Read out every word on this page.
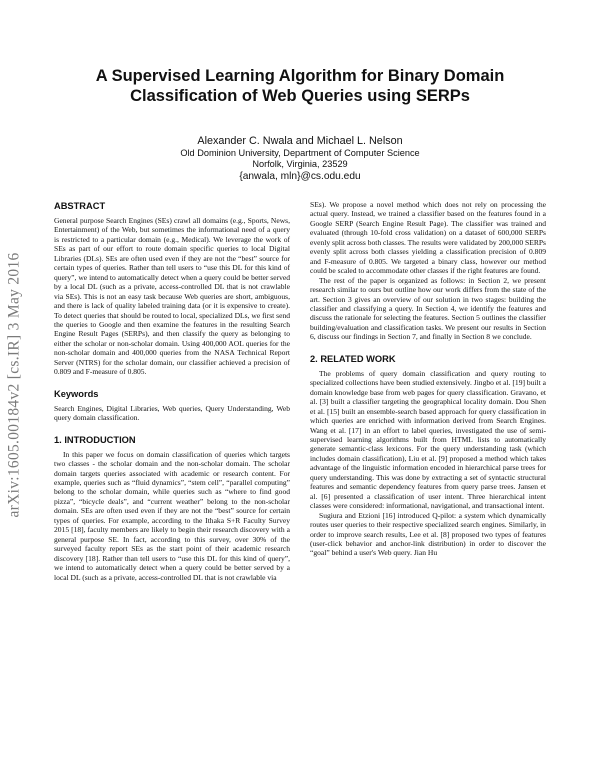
A Supervised Learning Algorithm for Binary Domain
Classification of Web Queries using SERPs
Alexander C. Nwala and Michael L. Nelson
Old Dominion University, Department of Computer Science
Norfolk, Virginia, 23529
{anwala, mln}@cs.odu.edu
arXiv:1605.00184v2 [cs.IR] 3 May 2016
ABSTRACT

General purpose Search Engines (SEs) crawl all domains (e.g., Sports, News, Entertainment) of the Web, but sometimes the informational need of a query is restricted to a particular domain (e.g., Medical). We leverage the work of SEs as part of our effort to route domain specific queries to local Digital Libraries (DLs). SEs are often used even if they are not the “best” source for certain types of queries. Rather than tell users to “use this DL for this kind of query”, we intend to automatically detect when a query could be better served by a local DL (such as a private, access-controlled DL that is not crawlable via SEs). This is not an easy task because Web queries are short, ambiguous, and there is lack of quality labeled training data (or it is expensive to create). To detect queries that should be routed to local, specialized DLs, we first send the queries to Google and then examine the features in the resulting Search Engine Result Pages (SERPs), and then classify the query as belonging to either the scholar or non-scholar domain. Using 400,000 AOL queries for the non-scholar domain and 400,000 queries from the NASA Technical Report Server (NTRS) for the scholar domain, our classifier achieved a precision of 0.809 and F-measure of 0.805.

Keywords

Search Engines, Digital Libraries, Web queries, Query Understanding, Web query domain classification.

1. INTRODUCTION

In this paper we focus on domain classification of queries which targets two classes - the scholar domain and the non-scholar domain. The scholar domain targets queries associated with academic or research content. For example, queries such as “fluid dynamics”, “stem cell”, “parallel computing” belong to the scholar domain, while queries such as “where to find good pizza”, “bicycle deals”, and “current weather” belong to the non-scholar domain. SEs are often used even if they are not the “best” source for certain types of queries. For example, according to the Ithaka S+R Faculty Survey 2015 [18], faculty members are likely to begin their research discovery with a general purpose SE. In fact, according to this survey, over 30% of the surveyed faculty report SEs as the start point of their academic research discovery [18]. Rather than tell users to “use this DL for this kind of query”, we intend to automatically detect when a query could be better served by a local DL (such as a private, access-controlled DL that is not crawlable via

SEs). We propose a novel method which does not rely on processing the actual query. Instead, we trained a classifier based on the features found in a Google SERP (Search Engine Result Page). The classifier was trained and evaluated (through 10-fold cross validation) on a dataset of 600,000 SERPs evenly split across both classes. The results were validated by 200,000 SERPs evenly split across both classes yielding a classification precision of 0.809 and F-measure of 0.805. We targeted a binary class, however our method could be scaled to accommodate other classes if the right features are found.

The rest of the paper is organized as follows: in Section 2, we present research similar to ours but outline how our work differs from the state of the art. Section 3 gives an overview of our solution in two stages: building the classifier and classifying a query. In Section 4, we identify the features and discuss the rationale for selecting the features. Section 5 outlines the classifier building/evaluation and classification tasks. We present our results in Section 6, discuss our findings in Section 7, and finally in Section 8 we conclude.

2. RELATED WORK

The problems of query domain classification and query routing to specialized collections have been studied extensively. Jingbo et al. [19] built a domain knowledge base from web pages for query classification. Gravano, et al. [3] built a classifier targeting the geographical locality domain. Dou Shen et al. [15] built an ensemble-search based approach for query classification in which queries are enriched with information derived from Search Engines. Wang et al. [17] in an effort to label queries, investigated the use of semi-supervised learning algorithms built from HTML lists to automatically generate semantic-class lexicons. For the query understanding task (which includes domain classification), Liu et al. [9] proposed a method which takes advantage of the linguistic information encoded in hierarchical parse trees for query understanding. This was done by extracting a set of syntactic structural features and semantic dependency features from query parse trees. Jansen et al. [6] presented a classification of user intent. Three hierarchical intent classes were considered: informational, navigational, and transactional intent.

Sugiura and Etzioni [16] introduced Q-pilot: a system which dynamically routes user queries to their respective specialized search engines. Similarly, in order to improve search results, Lee et al. [8] proposed two types of features (user-click behavior and anchor-link distribution) in order to discover the “goal” behind a user's Web query. Jian Hu
